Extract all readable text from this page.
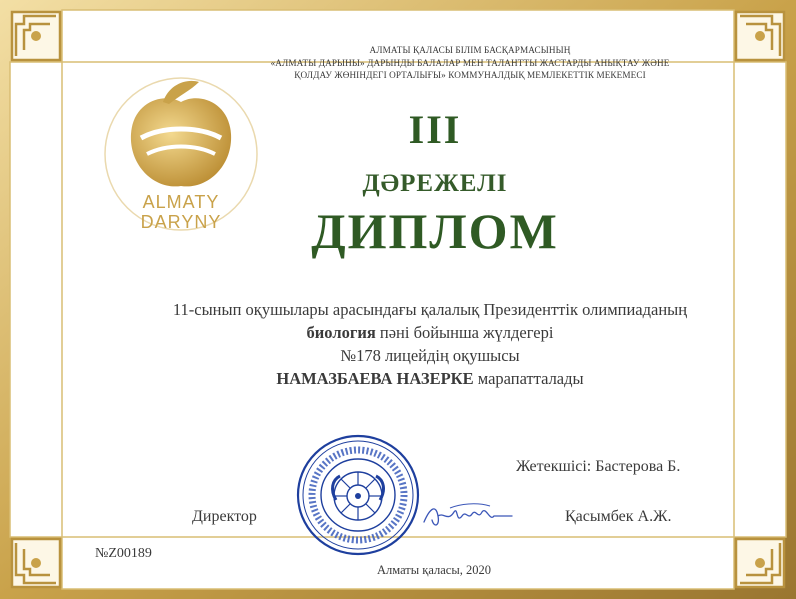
АЛМАТЫ ҚАЛАСЫ БІЛІМ БАСҚАРМАСЫНЫҢ
«АЛМАТЫ ДАРЫНЫ» ДАРЫНДЫ БАЛАЛАР МЕН ТАЛАНТТЫ ЖАСТАРДЫ АНЫҚТАУ ЖӘНЕ
ҚОЛДАУ ЖӨНІНДЕГІ ОРТАЛЫҒЫ» КОММУНАЛДЫҚ МЕМЛЕКЕТТІК МЕКЕМЕСІ
ALMATY
DARYNY
III
ДӘРЕЖЕЛІ
ДИПЛОМ
11-сынып оқушылары арасындағы қалалық Президенттік олимпиаданың
биология пәні бойынша жүлдегері
№178 лицейдің оқушысы
НАМАЗБАЕВА НАЗЕРКЕ марапатталады
Жетекшісі: Бастерова Б.
Директор	Қасымбек А.Ж.
№Z00189
Алматы қаласы, 2020
